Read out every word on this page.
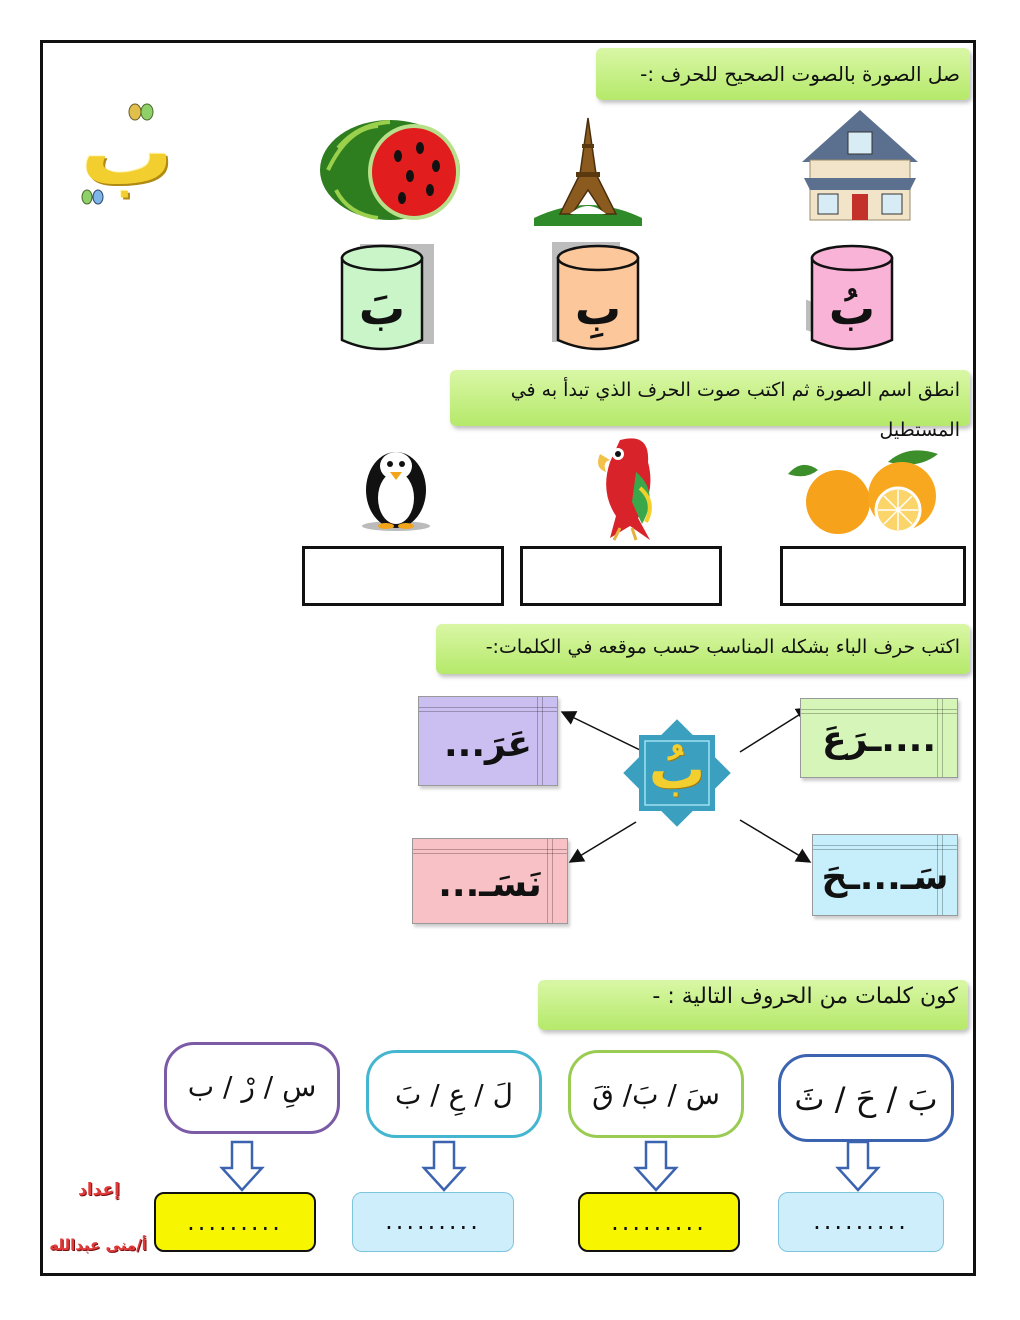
ب
صل الصورة بالصوت الصحيح للحرف :-
بَ	بِ	بُ
انطق اسم الصورة ثم اكتب صوت الحرف الذي تبدأ به في المستطيل
اكتب حرف الباء بشكله المناسب حسب موقعه في الكلمات:-
بُ	....ـرَعَ
عَرَ...
سَـ...ـحَ
نَسَـ...
كون كلمات من الحروف التالية : -
بَ / حَ / ثَ
سَ / بَ/ قَ
لَ / عِ / بَ
سِ / رْ / ب
.........
.........
.........
.........
إعداد
أ/منى عبدالله
